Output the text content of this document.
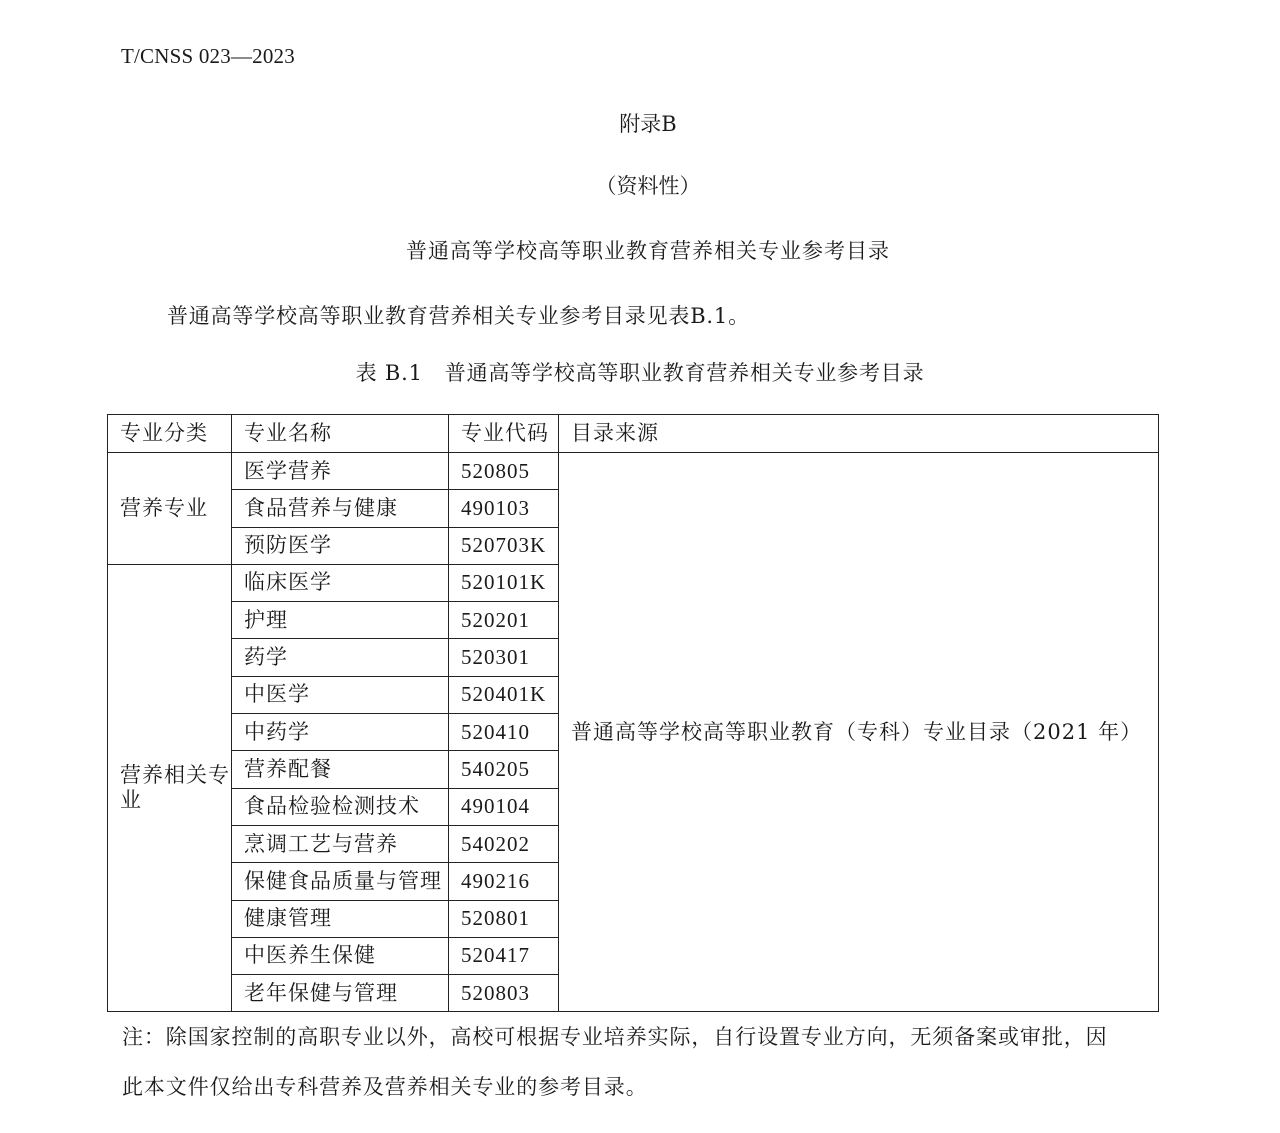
T/CNSS 023—2023
附录B
（资料性）
普通高等学校高等职业教育营养相关专业参考目录
普通高等学校高等职业教育营养相关专业参考目录见表B.1。
表 B.1 普通高等学校高等职业教育营养相关专业参考目录
专业分类	专业名称	专业代码	目录来源
营养专业	医学营养	520805	普通高等学校高等职业教育（专科）专业目录（2021 年）
	食品营养与健康	490103	
	预防医学	520703K	
营养相关专业	临床医学	520101K	
	护理	520201	
	药学	520301	
	中医学	520401K	
	中药学	520410	
	营养配餐	540205	
	食品检验检测技术	490104	
	烹调工艺与营养	540202	
	保健食品质量与管理	490216	
	健康管理	520801	
	中医养生保健	520417	
	老年保健与管理	520803	
注：除国家控制的高职专业以外，高校可根据专业培养实际，自行设置专业方向，无须备案或审批，因
此本文件仅给出专科营养及营养相关专业的参考目录。
